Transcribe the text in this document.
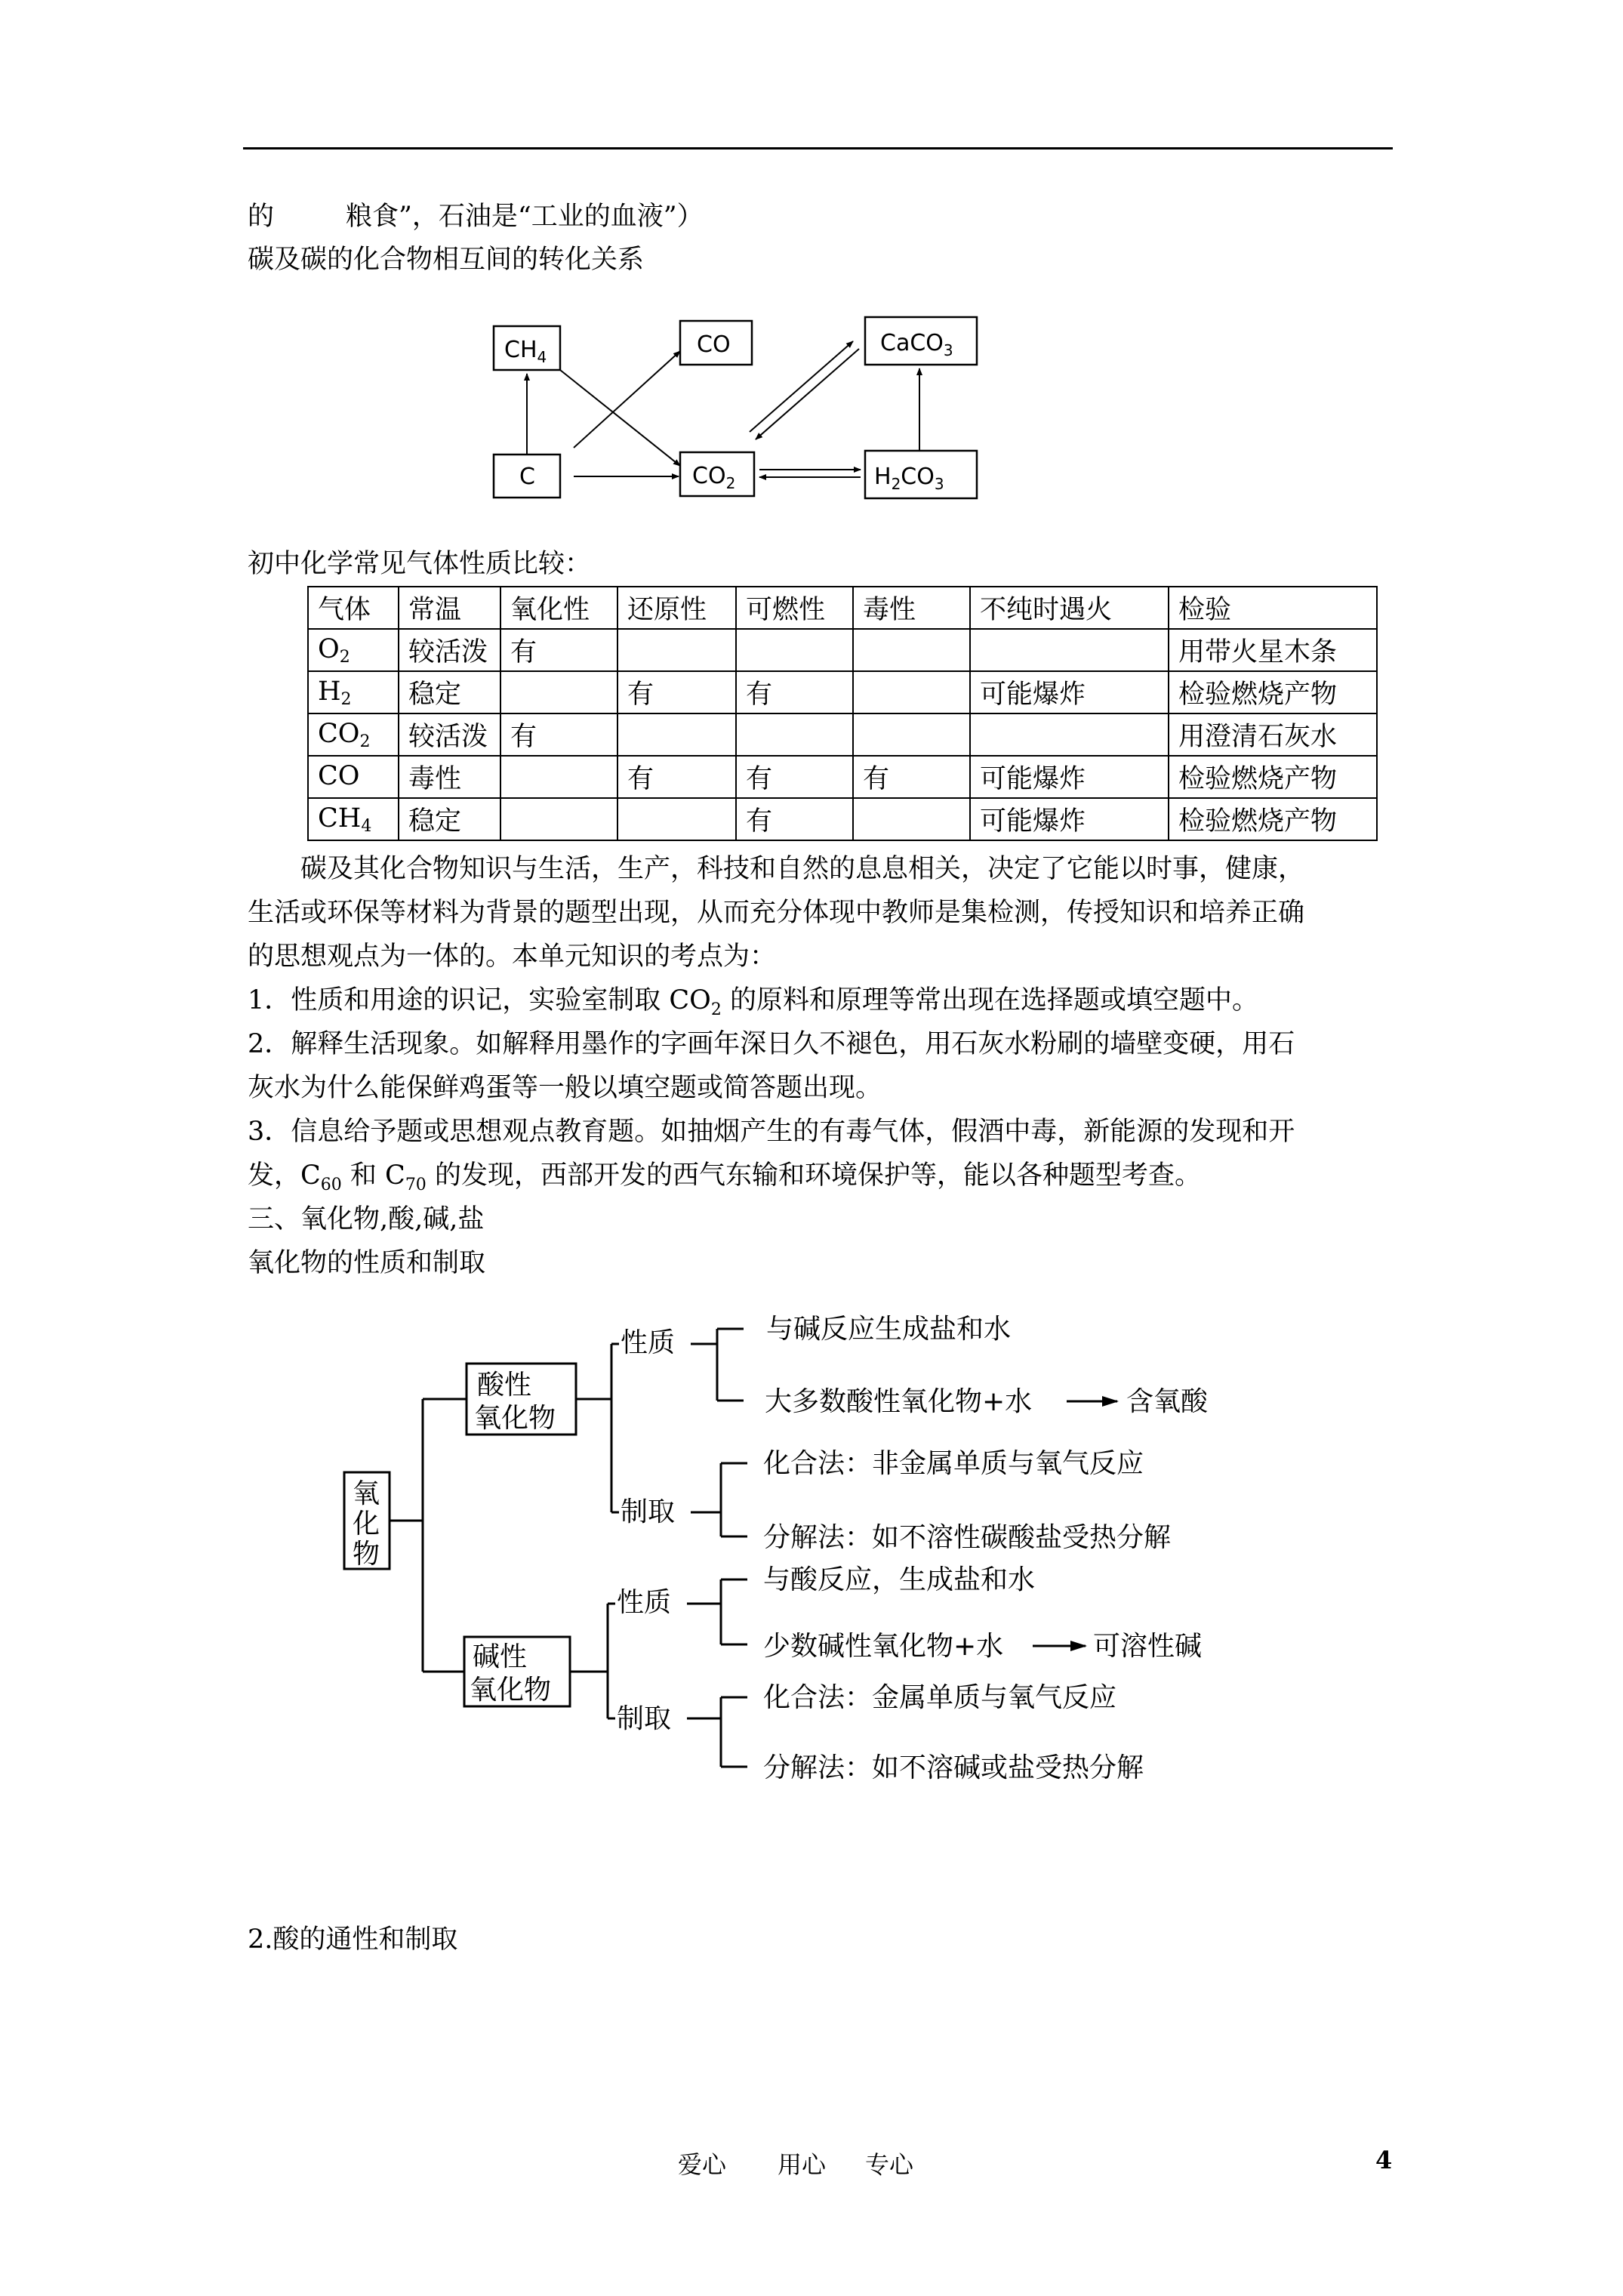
的	粮食”，石油是“工业的血液”）
碳及碳的化合物相互间的转化关系
$CH_4$	CO	CaCO$_3$
C	$CO_2$	$H_2CO_3$
初中化学常见气体性质比较：
气体	常温	氧化性	还原性	可燃性	毒性	不纯时遇火	检验
$O_2$	较活泼	有					用带火星木条
$H_2$	稳定		有	有		可能爆炸	检验燃烧产物
$CO_2$	较活泼	有					用澄清石灰水
CO	毒性		有	有	有	可能爆炸	检验燃烧产物
$CH_4$	稳定			有		可能爆炸	检验燃烧产物
碳及其化合物知识与生活，生产，科技和自然的息息相关，决定了它能以时事，健康，
生活或环保等材料为背景的题型出现，从而充分体现中教师是集检测，传授知识和培养正确
的思想观点为一体的。本单元知识的考点为：
1．性质和用途的识记，实验室制取 $CO_2$ 的原料和原理等常出现在选择题或填空题中。
2．解释生活现象。如解释用墨作的字画年深日久不褪色，用石灰水粉刷的墙壁变硬，用石
灰水为什么能保鲜鸡蛋等一般以填空题或简答题出现。
3．信息给予题或思想观点教育题。如抽烟产生的有毒气体，假酒中毒，新能源的发现和开
发，$C_{60}$ 和 $C_{70}$ 的发现，西部开发的西气东输和环境保护等，能以各种题型考查。
三、氧化物,酸,碱,盐
氧化物的性质和制取
氧
化
物
酸性
氧化物
碱性
氧化物
性质
制取
性质
制取
与碱反应生成盐和水
大多数酸性氧化物+水	含氧酸
化合法：非金属单质与氧气反应
分解法：如不溶性碳酸盐受热分解
与酸反应，生成盐和水
少数碱性氧化物+水	可溶性碱
化合法：金属单质与氧气反应
分解法：如不溶碱或盐受热分解
2.酸的通性和制取
爱心 用心 专心	4
